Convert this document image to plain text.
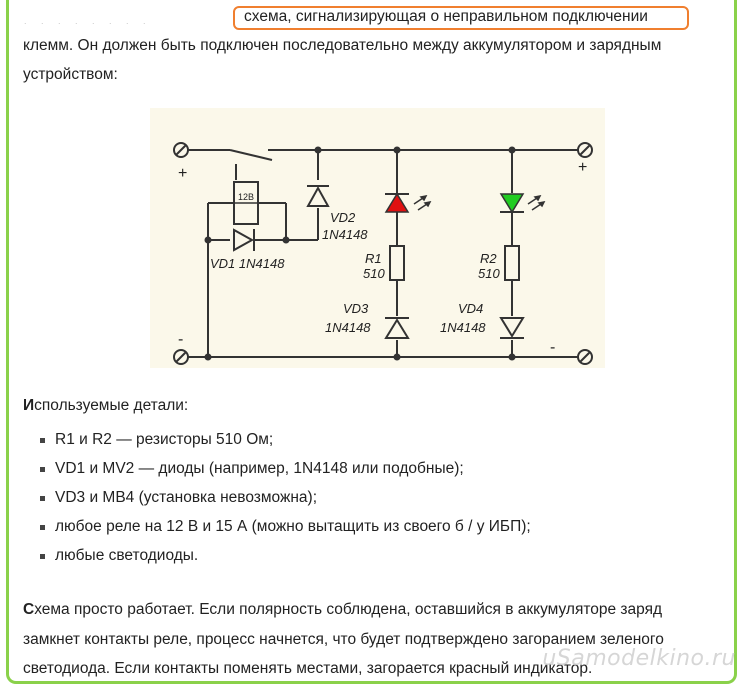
. . . . . . . .	схема, сигнализирующая о неправильном подключении
клемм. Он должен быть подключен последовательно между аккумулятором и зарядным
устройством:
12В
+
-
+
-
VD1 1N4148
VD2
1N4148
R1
510
R2
510
VD3
1N4148
VD4
1N4148
Используемые детали:
R1 и R2 — резисторы 510 Ом;
VD1 и MV2 — диоды (например, 1N4148 или подобные);
VD3 и MB4 (установка невозможна);
любое реле на 12 В и 15 А (можно вытащить из своего б / у ИБП);
любые светодиоды.
Схема просто работает. Если полярность соблюдена, оставшийся в аккумуляторе заряд
замкнет контакты реле, процесс начнется, что будет подтверждено загоранием зеленого
светодиода. Если контакты поменять местами, загорается красный индикатор.
uSamodelkino.ru
